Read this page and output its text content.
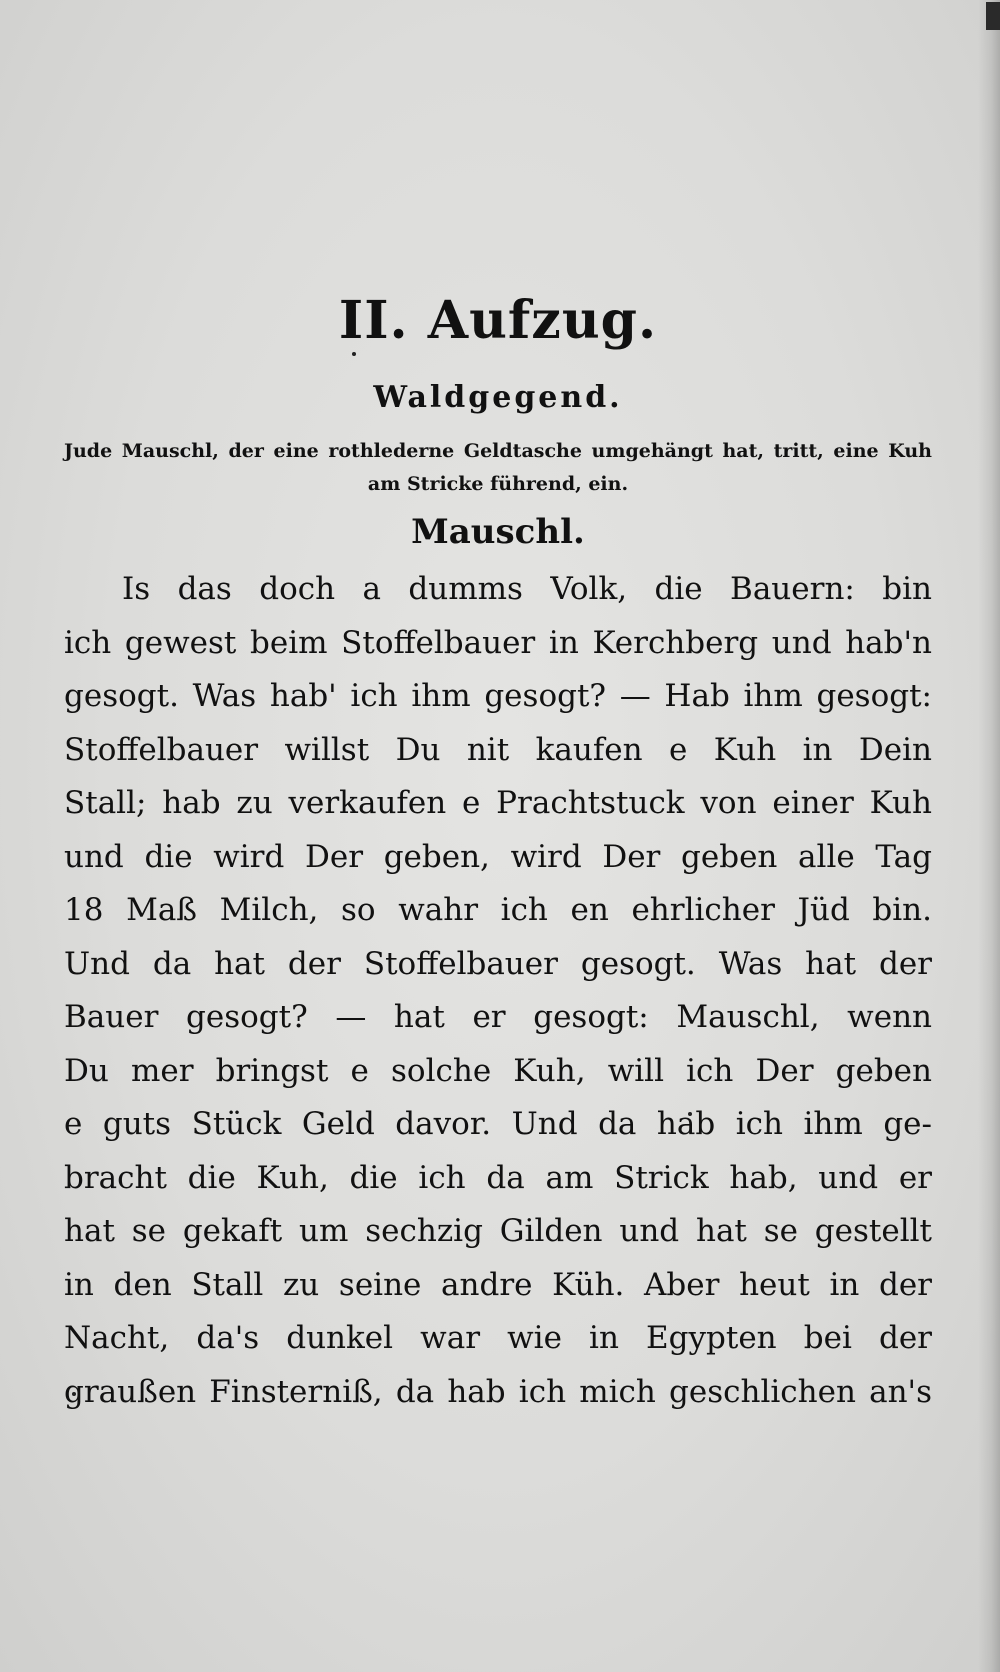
II. Aufzug.
Waldgegend.
Jude Mauschl, der eine rothlederne Geldtasche umgehängt hat, tritt, eine Kuh am Stricke führend, ein.
Mauschl.
Is das doch a dumms Volk, die Bauern: bin
ich gewest beim Stoffelbauer in Kerchberg und hab'n
gesogt. Was hab' ich ihm gesogt? — Hab ihm gesogt:
Stoffelbauer willst Du nit kaufen e Kuh in Dein
Stall; hab zu verkaufen e Prachtstuck von einer Kuh
und die wird Der geben, wird Der geben alle Tag
18 Maß Milch, so wahr ich en ehrlicher Jüd bin.
Und da hat der Stoffelbauer gesogt. Was hat der
Bauer gesogt? — hat er gesogt: Mauschl, wenn
Du mer bringst e solche Kuh, will ich Der geben
e guts Stück Geld davor. Und da hab ich ihm ge-
bracht die Kuh, die ich da am Strick hab, und er
hat se gekaft um sechzig Gilden und hat se gestellt
in den Stall zu seine andre Küh. Aber heut in der
Nacht, da's dunkel war wie in Egypten bei der
graußen Finsterniß, da hab ich mich geschlichen an's
